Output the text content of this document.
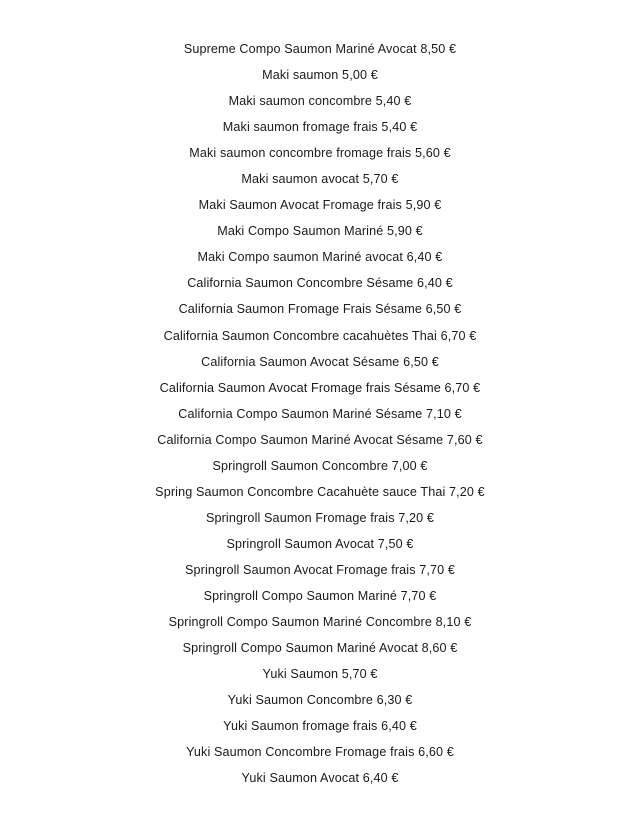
Supreme Compo Saumon Mariné Avocat 8,50 €
Maki saumon 5,00 €
Maki saumon concombre 5,40 €
Maki saumon fromage frais 5,40 €
Maki saumon concombre fromage frais 5,60 €
Maki saumon avocat 5,70 €
Maki Saumon Avocat Fromage frais 5,90 €
Maki Compo Saumon Mariné 5,90 €
Maki Compo saumon Mariné avocat 6,40 €
California Saumon Concombre Sésame 6,40 €
California Saumon Fromage Frais Sésame 6,50 €
California Saumon Concombre cacahuètes Thai 6,70 €
California Saumon Avocat Sésame 6,50 €
California Saumon Avocat Fromage frais Sésame 6,70 €
California Compo Saumon Mariné Sésame 7,10 €
California Compo Saumon Mariné Avocat Sésame 7,60 €
Springroll Saumon Concombre 7,00 €
Spring Saumon Concombre Cacahuète sauce Thai 7,20 €
Springroll Saumon Fromage frais 7,20 €
Springroll Saumon Avocat 7,50 €
Springroll Saumon Avocat Fromage frais 7,70 €
Springroll Compo Saumon Mariné 7,70 €
Springroll Compo Saumon Mariné Concombre 8,10 €
Springroll Compo Saumon Mariné Avocat 8,60 €
Yuki Saumon 5,70 €
Yuki Saumon Concombre 6,30 €
Yuki Saumon fromage frais 6,40 €
Yuki Saumon Concombre Fromage frais 6,60 €
Yuki Saumon Avocat 6,40 €
